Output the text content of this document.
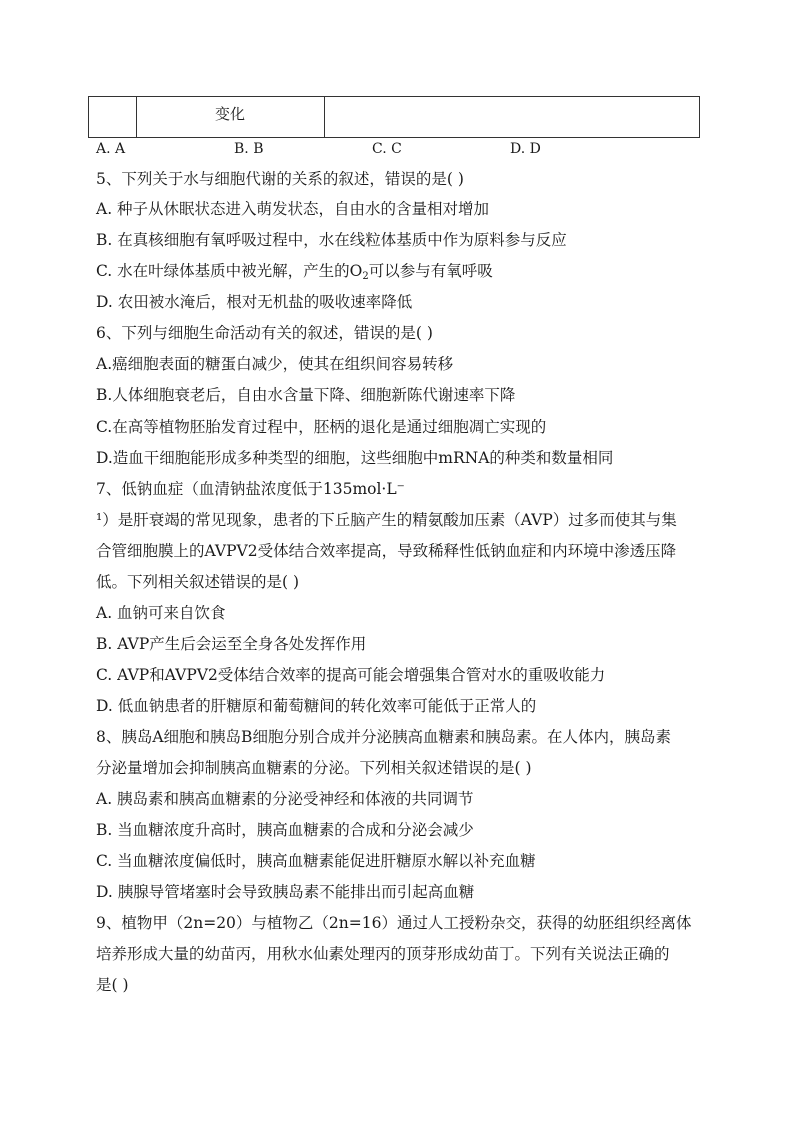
变化
A. A	B. B	C. C	D. D
5、下列关于水与细胞代谢的关系的叙述，错误的是( )
A. 种子从休眠状态进入萌发状态，自由水的含量相对增加
B. 在真核细胞有氧呼吸过程中，水在线粒体基质中作为原料参与反应
C. 水在叶绿体基质中被光解，产生的$O_2$可以参与有氧呼吸
D. 农田被水淹后，根对无机盐的吸收速率降低
6、下列与细胞生命活动有关的叙述，错误的是( )
A.癌细胞表面的糖蛋白减少，使其在组织间容易转移
B.人体细胞衰老后，自由水含量下降、细胞新陈代谢速率下降
C.在高等植物胚胎发育过程中，胚柄的退化是通过细胞凋亡实现的
D.造血干细胞能形成多种类型的细胞，这些细胞中mRNA的种类和数量相同
7、低钠血症（血清钠盐浓度低于135mol·L⁻
¹）是肝衰竭的常见现象，患者的下丘脑产生的精氨酸加压素（AVP）过多而使其与集
合管细胞膜上的AVPV2受体结合效率提高，导致稀释性低钠血症和内环境中渗透压降
低。下列相关叙述错误的是( )
A. 血钠可来自饮食
B. AVP产生后会运至全身各处发挥作用
C. AVP和AVPV2受体结合效率的提高可能会增强集合管对水的重吸收能力
D. 低血钠患者的肝糖原和葡萄糖间的转化效率可能低于正常人的
8、胰岛A细胞和胰岛B细胞分别合成并分泌胰高血糖素和胰岛素。在人体内，胰岛素
分泌量增加会抑制胰高血糖素的分泌。下列相关叙述错误的是( )
A. 胰岛素和胰高血糖素的分泌受神经和体液的共同调节
B. 当血糖浓度升高时，胰高血糖素的合成和分泌会减少
C. 当血糖浓度偏低时，胰高血糖素能促进肝糖原水解以补充血糖
D. 胰腺导管堵塞时会导致胰岛素不能排出而引起高血糖
9、植物甲（2n=20）与植物乙（2n=16）通过人工授粉杂交，获得的幼胚组织经离体
培养形成大量的幼苗丙，用秋水仙素处理丙的顶芽形成幼苗丁。下列有关说法正确的
是( )
